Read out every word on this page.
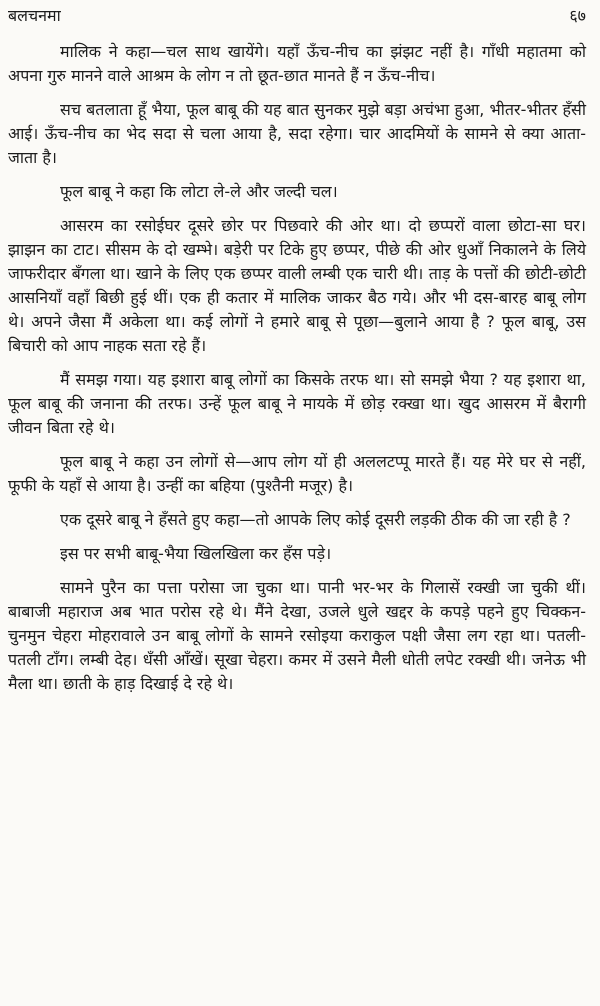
बलचनमा	६७

मालिक ने कहा—चल साथ खायेंगे। यहाँ ऊँच-नीच का झंझट नहीं है। गाँधी महातमा को अपना गुरु मानने वाले आश्रम के लोग न तो छूत-छात मानते हैं न ऊँच-नीच।

सच बतलाता हूँ भैया, फूल बाबू की यह बात सुनकर मुझे बड़ा अचंभा हुआ, भीतर-भीतर हँसी आई। ऊँच-नीच का भेद सदा से चला आया है, सदा रहेगा। चार आदमियों के सामने से क्या आता-जाता है।

फूल बाबू ने कहा कि लोटा ले-ले और जल्दी चल।

आसरम का रसोईघर दूसरे छोर पर पिछवारे की ओर था। दो छप्परों वाला छोटा-सा घर। झाझन का टाट। सीसम के दो खम्भे। बड़ेरी पर टिके हुए छप्पर, पीछे की ओर धुआँ निकालने के लिये जाफरीदार बँगला था। खाने के लिए एक छप्पर वाली लम्बी एक चारी थी। ताड़ के पत्तों की छोटी-छोटी आसनियाँ वहाँ बिछी हुई थीं। एक ही कतार में मालिक जाकर बैठ गये। और भी दस-बारह बाबू लोग थे। अपने जैसा मैं अकेला था। कई लोगों ने हमारे बाबू से पूछा—बुलाने आया है ? फूल बाबू, उस बिचारी को आप नाहक सता रहे हैं।

मैं समझ गया। यह इशारा बाबू लोगों का किसके तरफ था। सो समझे भैया ? यह इशारा था, फूल बाबू की जनाना की तरफ। उन्हें फूल बाबू ने मायके में छोड़ रक्खा था। खुद आसरम में बैरागी जीवन बिता रहे थे।

फूल बाबू ने कहा उन लोगों से—आप लोग यों ही अललटप्पू मारते हैं। यह मेरे घर से नहीं, फूफी के यहाँ से आया है। उन्हीं का बहिया (पुश्तैनी मजूर) है।

एक दूसरे बाबू ने हँसते हुए कहा—तो आपके लिए कोई दूसरी लड़की ठीक की जा रही है ?

इस पर सभी बाबू-भैया खिलखिला कर हँस पड़े।

सामने पुरैन का पत्ता परोसा जा चुका था। पानी भर-भर के गिलासें रक्खी जा चुकी थीं। बाबाजी महाराज अब भात परोस रहे थे। मैंने देखा, उजले धुले खद्दर के कपड़े पहने हुए चिक्कन-चुनमुन चेहरा मोहरावाले उन बाबू लोगों के सामने रसोइया कराकुल पक्षी जैसा लग रहा था। पतली-पतली टाँग। लम्बी देह। धँसी आँखें। सूखा चेहरा। कमर में उसने मैली धोती लपेट रक्खी थी। जनेऊ भी मैला था। छाती के हाड़ दिखाई दे रहे थे।
